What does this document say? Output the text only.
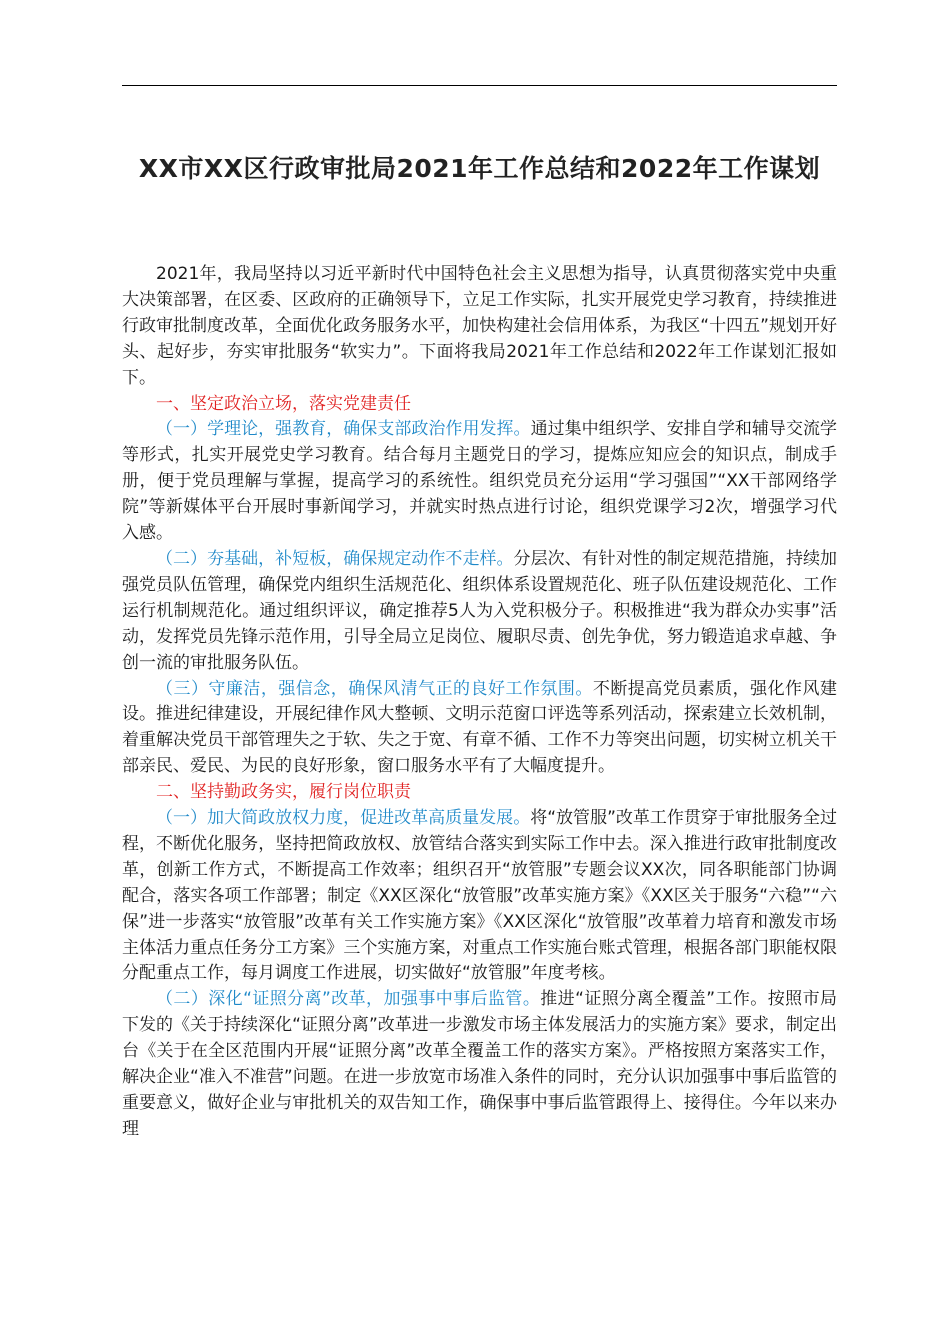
XX市XX区行政审批局2021年工作总结和2022年工作谋划

2021年，我局坚持以习近平新时代中国特色社会主义思想为指导，认真贯彻落实党中央重大决策部署，在区委、区政府的正确领导下，立足工作实际，扎实开展党史学习教育，持续推进行政审批制度改革，全面优化政务服务水平，加快构建社会信用体系，为我区“十四五”规划开好头、起好步，夯实审批服务“软实力”。下面将我局2021年工作总结和2022年工作谋划汇报如下。

一、坚定政治立场，落实党建责任

（一）学理论，强教育，确保支部政治作用发挥。通过集中组织学、安排自学和辅导交流学等形式，扎实开展党史学习教育。结合每月主题党日的学习，提炼应知应会的知识点，制成手册，便于党员理解与掌握，提高学习的系统性。组织党员充分运用“学习强国”“XX干部网络学院”等新媒体平台开展时事新闻学习，并就实时热点进行讨论，组织党课学习2次，增强学习代入感。

（二）夯基础，补短板，确保规定动作不走样。分层次、有针对性的制定规范措施，持续加强党员队伍管理，确保党内组织生活规范化、组织体系设置规范化、班子队伍建设规范化、工作运行机制规范化。通过组织评议，确定推荐5人为入党积极分子。积极推进“我为群众办实事”活动，发挥党员先锋示范作用，引导全局立足岗位、履职尽责、创先争优，努力锻造追求卓越、争创一流的审批服务队伍。

（三）守廉洁，强信念，确保风清气正的良好工作氛围。不断提高党员素质，强化作风建设。推进纪律建设，开展纪律作风大整顿、文明示范窗口评选等系列活动，探索建立长效机制，着重解决党员干部管理失之于软、失之于宽、有章不循、工作不力等突出问题，切实树立机关干部亲民、爱民、为民的良好形象，窗口服务水平有了大幅度提升。

二、坚持勤政务实，履行岗位职责

（一）加大简政放权力度，促进改革高质量发展。将“放管服”改革工作贯穿于审批服务全过程，不断优化服务，坚持把简政放权、放管结合落实到实际工作中去。深入推进行政审批制度改革，创新工作方式，不断提高工作效率；组织召开“放管服”专题会议XX次，同各职能部门协调配合，落实各项工作部署；制定《XX区深化“放管服”改革实施方案》《XX区关于服务“六稳”“六保”进一步落实“放管服”改革有关工作实施方案》《XX区深化“放管服”改革着力培育和激发市场主体活力重点任务分工方案》三个实施方案，对重点工作实施台账式管理，根据各部门职能权限分配重点工作，每月调度工作进展，切实做好“放管服”年度考核。

（二）深化“证照分离”改革，加强事中事后监管。推进“证照分离全覆盖”工作。按照市局下发的《关于持续深化“证照分离”改革进一步激发市场主体发展活力的实施方案》要求，制定出台《关于在全区范围内开展“证照分离”改革全覆盖工作的落实方案》。严格按照方案落实工作，解决企业“准入不准营”问题。在进一步放宽市场准入条件的同时，充分认识加强事中事后监管的重要意义，做好企业与审批机关的双告知工作，确保事中事后监管跟得上、接得住。今年以来办理
